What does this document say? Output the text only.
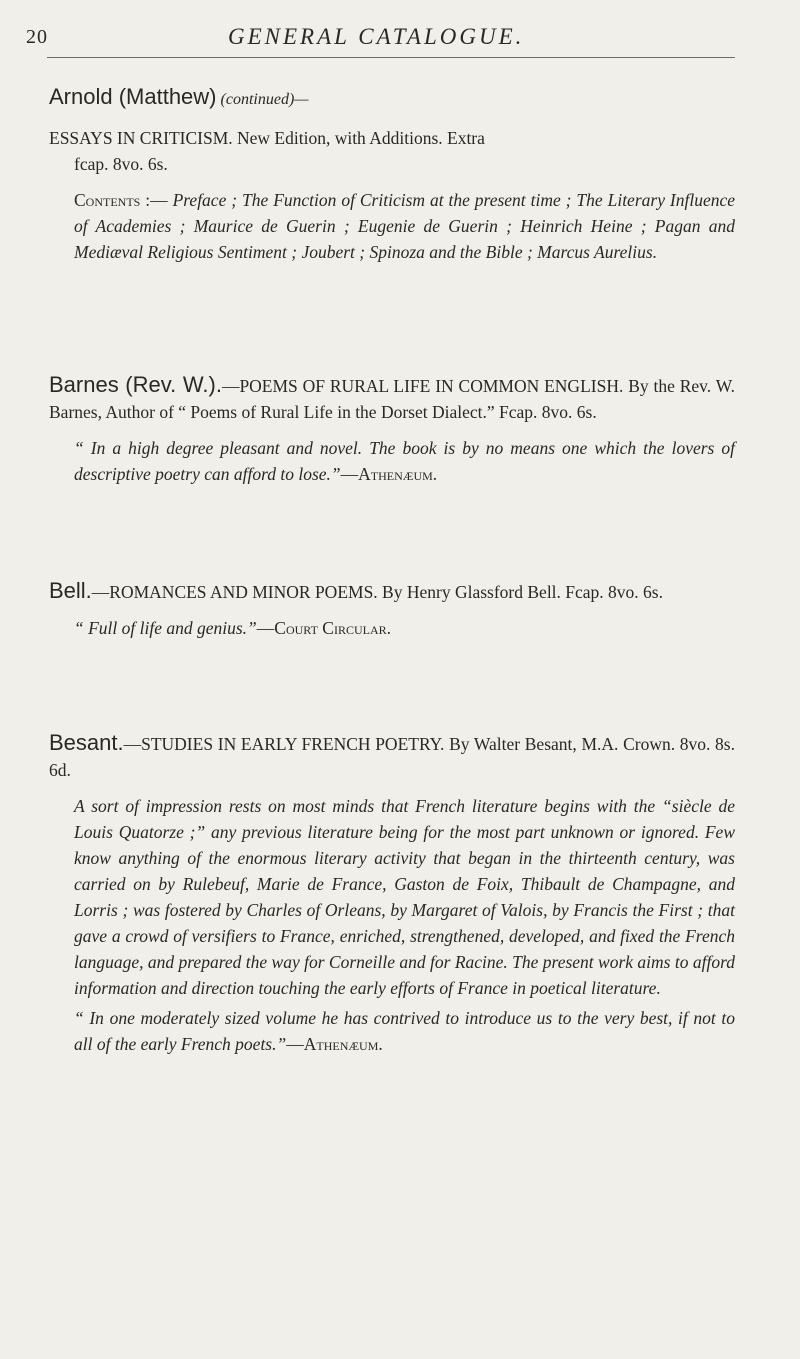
20	GENERAL CATALOGUE.

Arnold (Matthew) (continued)—

ESSAYS IN CRITICISM. New Edition, with Additions. Extra

fcap. 8vo. 6s.

Contents :— Preface ; The Function of Criticism at the present time ; The Literary Influence of Academies ; Maurice de Guerin ; Eugenie de Guerin ; Heinrich Heine ; Pagan and Mediæval Religious Sentiment ; Joubert ; Spinoza and the Bible ; Marcus Aurelius.

Barnes (Rev. W.).—POEMS OF RURAL LIFE IN COMMON ENGLISH. By the Rev. W. Barnes, Author of “ Poems of Rural Life in the Dorset Dialect.” Fcap. 8vo. 6s.

“ In a high degree pleasant and novel. The book is by no means one which the lovers of descriptive poetry can afford to lose.”—Athenæum.

Bell.—ROMANCES AND MINOR POEMS. By Henry Glassford Bell. Fcap. 8vo. 6s.

“ Full of life and genius.”—Court Circular.

Besant.—STUDIES IN EARLY FRENCH POETRY. By Walter Besant, M.A. Crown. 8vo. 8s. 6d.

A sort of impression rests on most minds that French literature begins with the “siècle de Louis Quatorze ;” any previous literature being for the most part unknown or ignored. Few know anything of the enormous literary activity that began in the thirteenth century, was carried on by Rulebeuf, Marie de France, Gaston de Foix, Thibault de Champagne, and Lorris ; was fostered by Charles of Orleans, by Margaret of Valois, by Francis the First ; that gave a crowd of versifiers to France, enriched, strengthened, developed, and fixed the French language, and prepared the way for Corneille and for Racine. The present work aims to afford information and direction touching the early efforts of France in poetical literature.

“ In one moderately sized volume he has contrived to introduce us to the very best, if not to all of the early French poets.”—Athenæum.
